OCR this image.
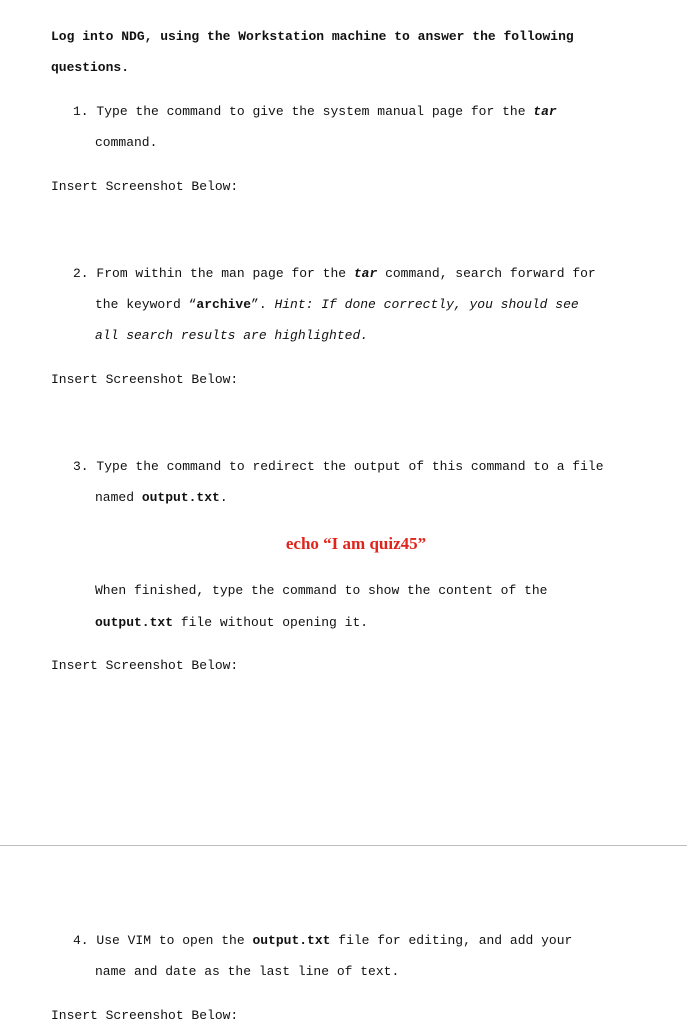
Log into NDG, using the Workstation machine to answer the following

questions.

1. Type the command to give the system manual page for the tar

command.

Insert Screenshot Below:

2. From within the man page for the tar command, search forward for

the keyword “archive”. Hint: If done correctly, you should see

all search results are highlighted.

Insert Screenshot Below:

3. Type the command to redirect the output of this command to a file

named output.txt.

echo “I am quiz45”

When finished, type the command to show the content of the

output.txt file without opening it.

Insert Screenshot Below:

4. Use VIM to open the output.txt file for editing, and add your

name and date as the last line of text.

Insert Screenshot Below:
